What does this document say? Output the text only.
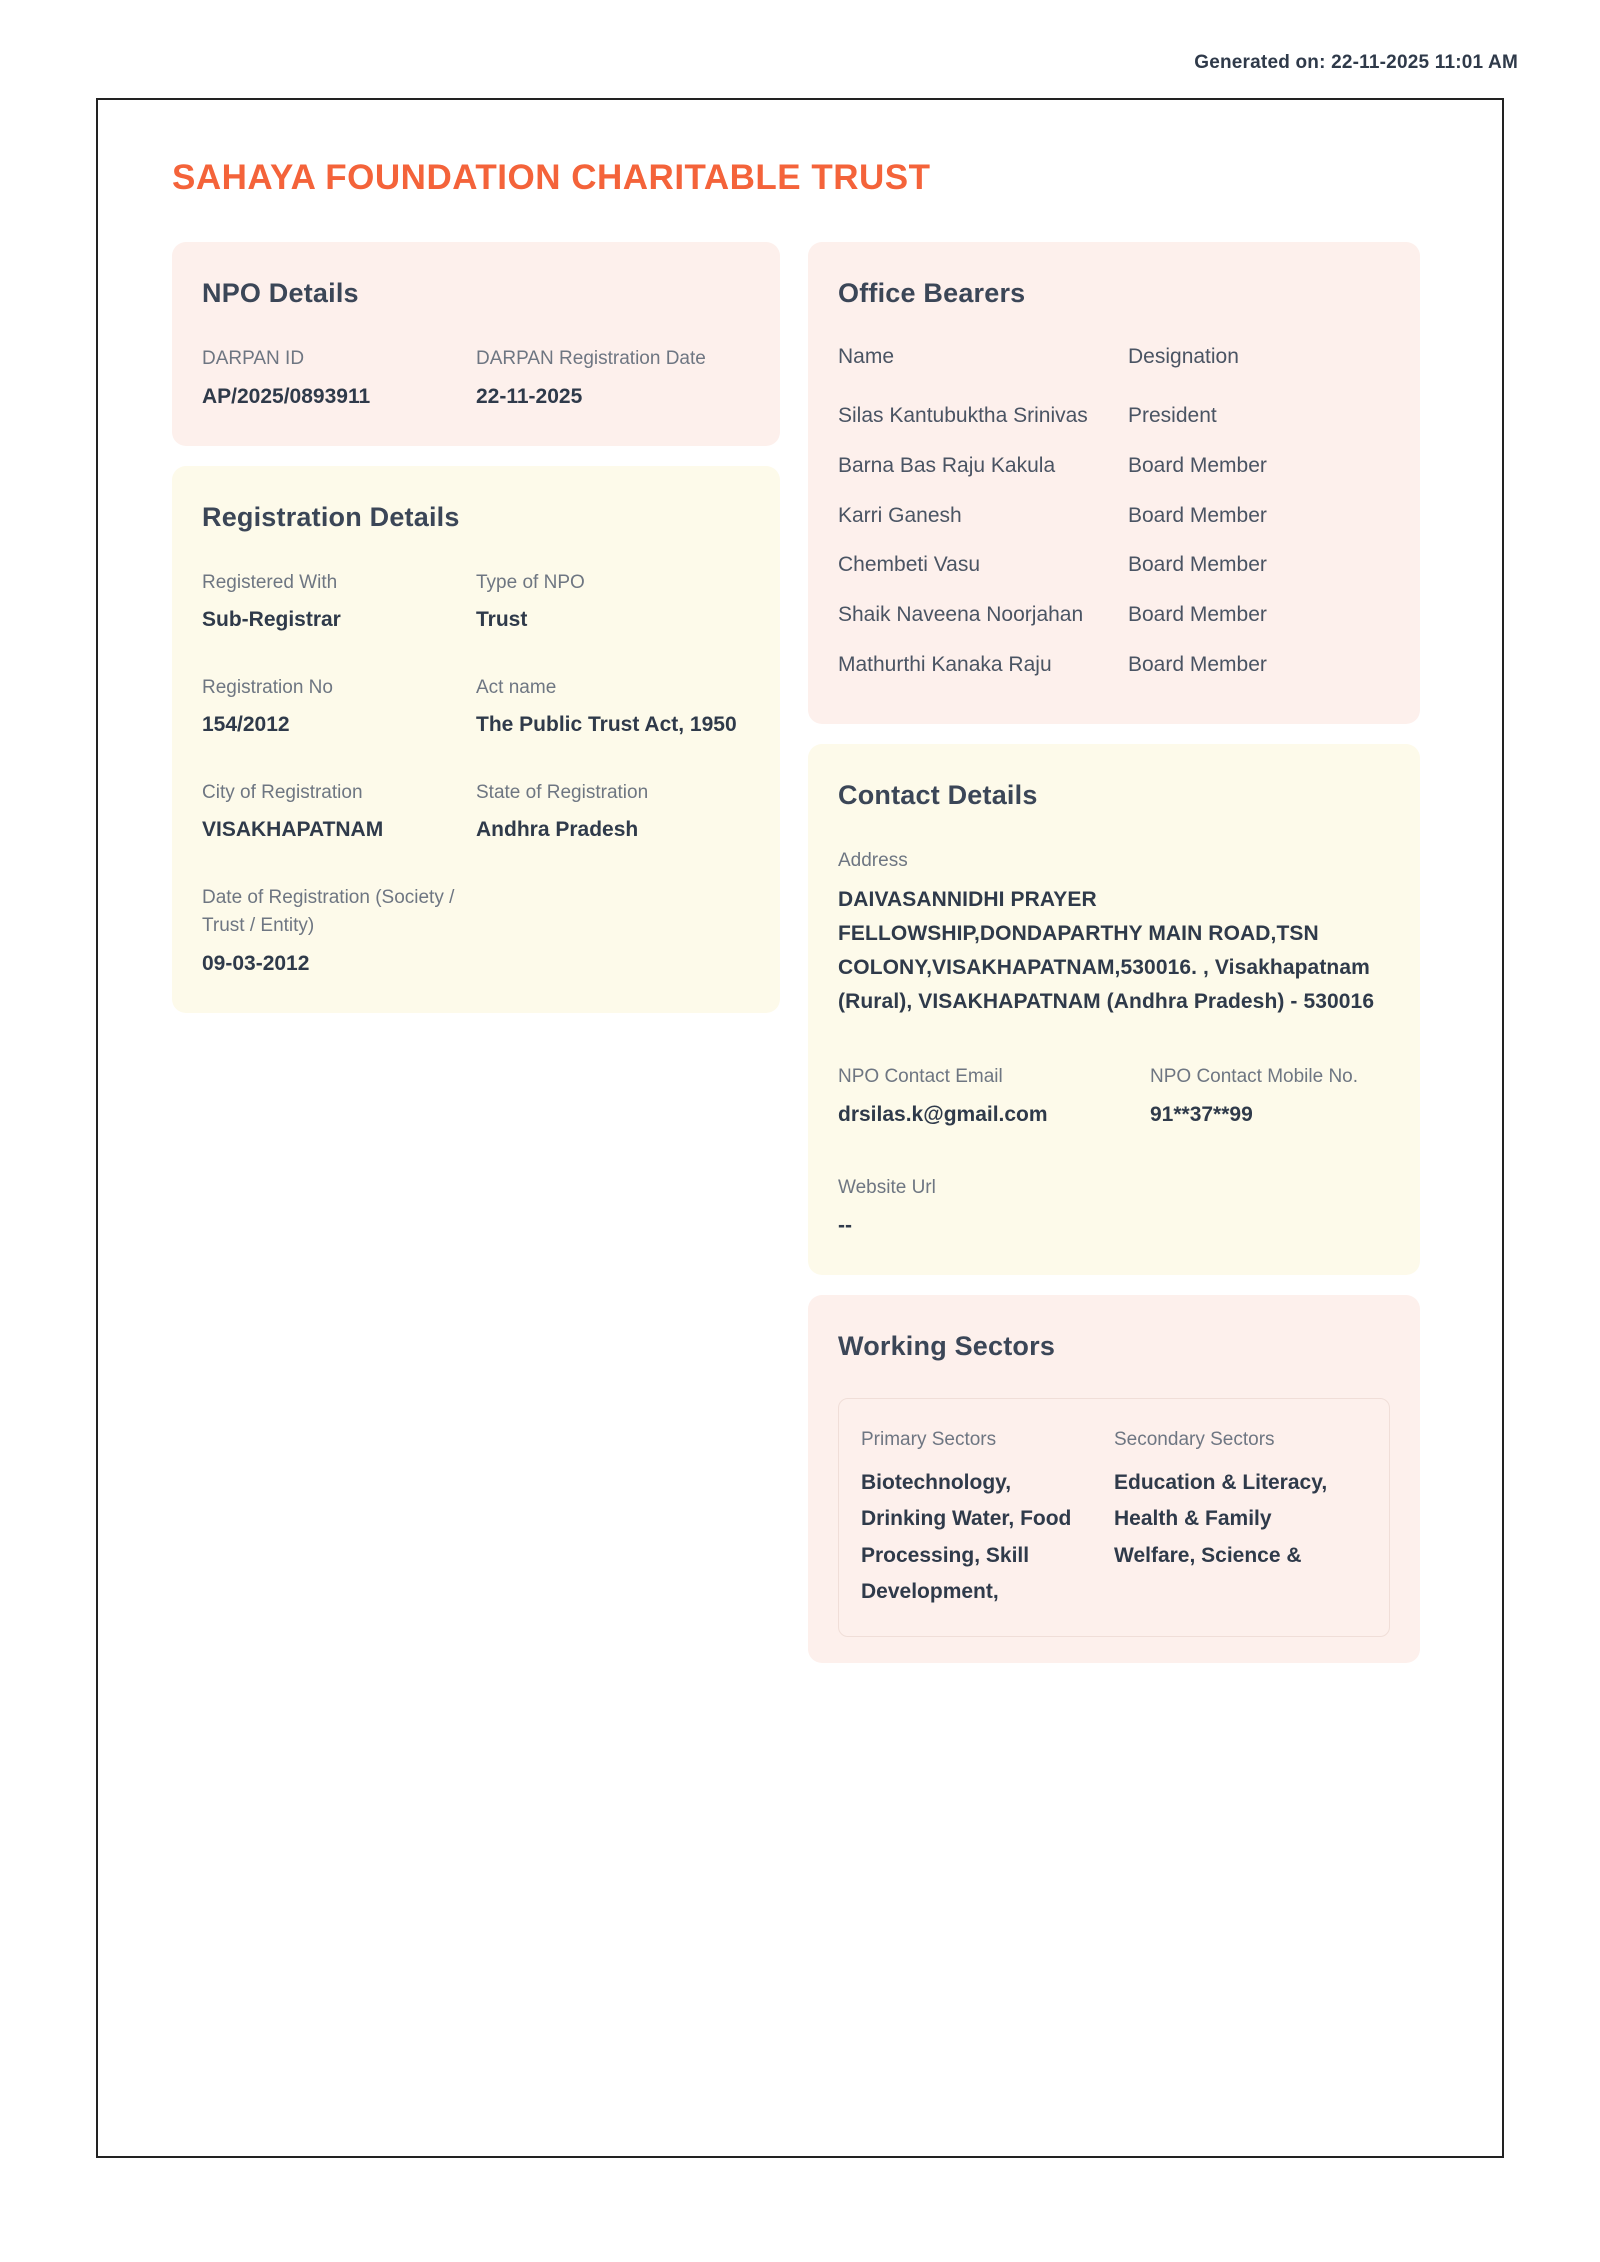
Generated on: 22-11-2025 11:01 AM
SAHAYA FOUNDATION CHARITABLE TRUST
NPO Details
DARPAN ID
AP/2025/0893911
DARPAN Registration Date
22-11-2025
Registration Details
Registered With
Sub-Registrar
Type of NPO
Trust
Registration No
154/2012
Act name
The Public Trust Act, 1950
City of Registration
VISAKHAPATNAM
State of Registration
Andhra Pradesh
Date of Registration (Society / Trust / Entity)
09-03-2012
Office Bearers
Name	Designation
Silas Kantubuktha Srinivas	President
Barna Bas Raju Kakula	Board Member
Karri Ganesh	Board Member
Chembeti Vasu	Board Member
Shaik Naveena Noorjahan	Board Member
Mathurthi Kanaka Raju	Board Member
Contact Details
Address
DAIVASANNIDHI PRAYER FELLOWSHIP,DONDAPARTHY MAIN ROAD,TSN COLONY,VISAKHAPATNAM,530016. , Visakhapatnam (Rural), VISAKHAPATNAM (Andhra Pradesh) - 530016
NPO Contact Email
drsilas.k@gmail.com
NPO Contact Mobile No.
91**37**99
Website Url
--
Working Sectors
Primary Sectors
Biotechnology, Drinking Water, Food Processing, Skill Development,
Secondary Sectors
Education & Literacy, Health & Family Welfare, Science &
